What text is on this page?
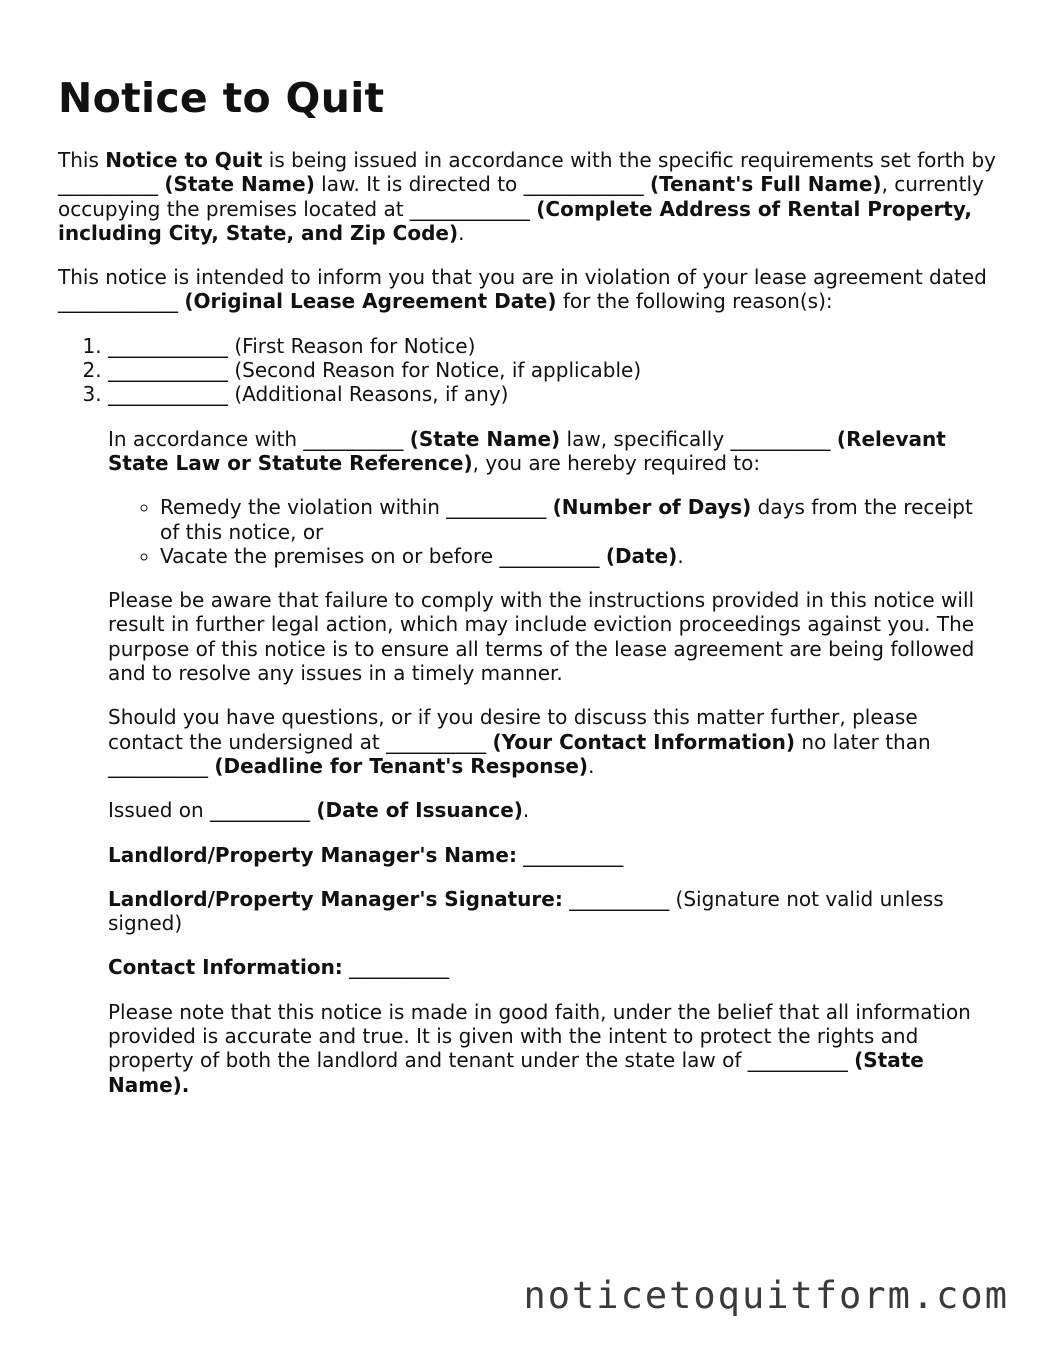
Notice to Quit

This Notice to Quit is being issued in accordance with the specific requirements set forth by __________ (State Name) law. It is directed to ____________ (Tenant's Full Name), currently occupying the premises located at ____________ (Complete Address of Rental Property, including City, State, and Zip Code).

This notice is intended to inform you that you are in violation of your lease agreement dated ____________ (Original Lease Agreement Date) for the following reason(s):

1. ____________ (First Reason for Notice)
2. ____________ (Second Reason for Notice, if applicable)
3. ____________ (Additional Reasons, if any)

In accordance with __________ (State Name) law, specifically __________ (Relevant State Law or Statute Reference), you are hereby required to:

◦ Remedy the violation within __________ (Number of Days) days from the receipt of this notice, or
◦ Vacate the premises on or before __________ (Date).

Please be aware that failure to comply with the instructions provided in this notice will result in further legal action, which may include eviction proceedings against you. The purpose of this notice is to ensure all terms of the lease agreement are being followed and to resolve any issues in a timely manner.

Should you have questions, or if you desire to discuss this matter further, please contact the undersigned at __________ (Your Contact Information) no later than __________ (Deadline for Tenant's Response).

Issued on __________ (Date of Issuance).

Landlord/Property Manager's Name: __________

Landlord/Property Manager's Signature: __________ (Signature not valid unless signed)

Contact Information: __________

Please note that this notice is made in good faith, under the belief that all information provided is accurate and true. It is given with the intent to protect the rights and property of both the landlord and tenant under the state law of __________ (State Name).

noticetoquitform.com
